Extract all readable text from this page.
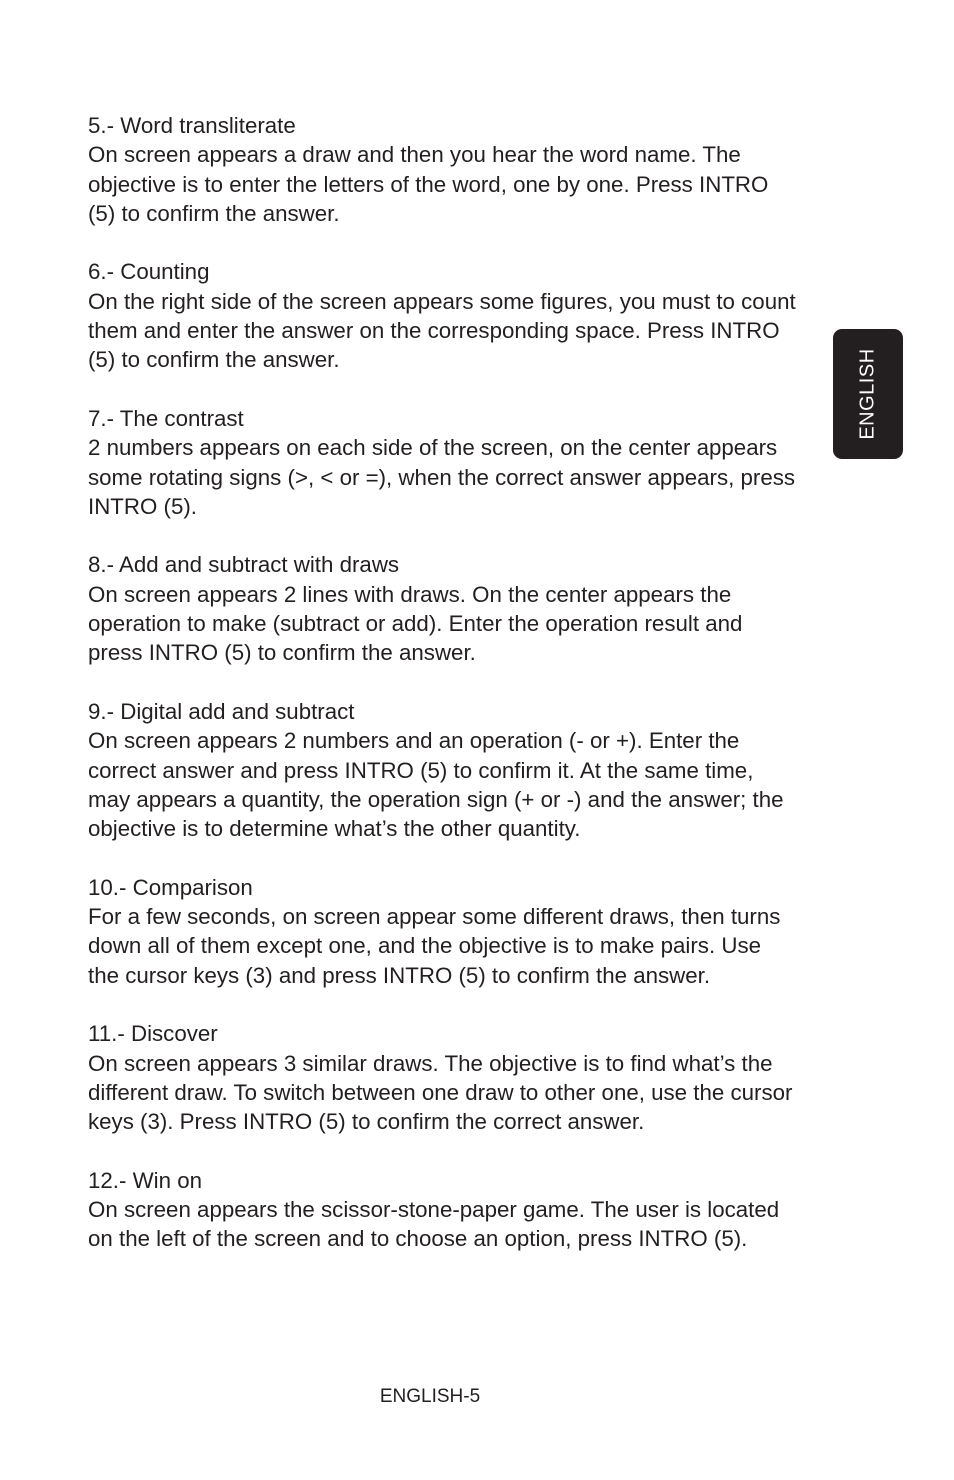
5.- Word transliterate
On screen appears a draw and then you hear the word name. The objective is to enter the letters of the word, one by one. Press INTRO (5) to confirm the answer.

6.- Counting
On the right side of the screen appears some figures, you must to count them and enter the answer on the corresponding space. Press INTRO (5) to confirm the answer.

7.- The contrast
2 numbers appears on each side of the screen, on the center appears some rotating signs (>, < or =), when the correct answer appears, press INTRO (5).

8.- Add and subtract with draws
On screen appears 2 lines with draws. On the center appears the operation to make (subtract or add). Enter the operation result and press INTRO (5) to confirm the answer.

9.- Digital add and subtract
On screen appears 2 numbers and an operation (- or +). Enter the correct answer and press INTRO (5) to confirm it. At the same time, may appears a quantity, the operation sign (+ or -) and the answer; the objective is to determine what’s the other quantity.

10.- Comparison
For a few seconds, on screen appear some different draws, then turns down all of them except one, and the objective is to make pairs. Use the cursor keys (3) and press INTRO (5) to confirm the answer.

11.- Discover
On screen appears 3 similar draws. The objective is to find what’s the different draw. To switch between one draw to other one, use the cursor keys (3). Press INTRO (5) to confirm the correct answer.

12.- Win on
On screen appears the scissor-stone-paper game. The user is located on the left of the screen and to choose an option, press INTRO (5).

ENGLISH
ENGLISH-5
